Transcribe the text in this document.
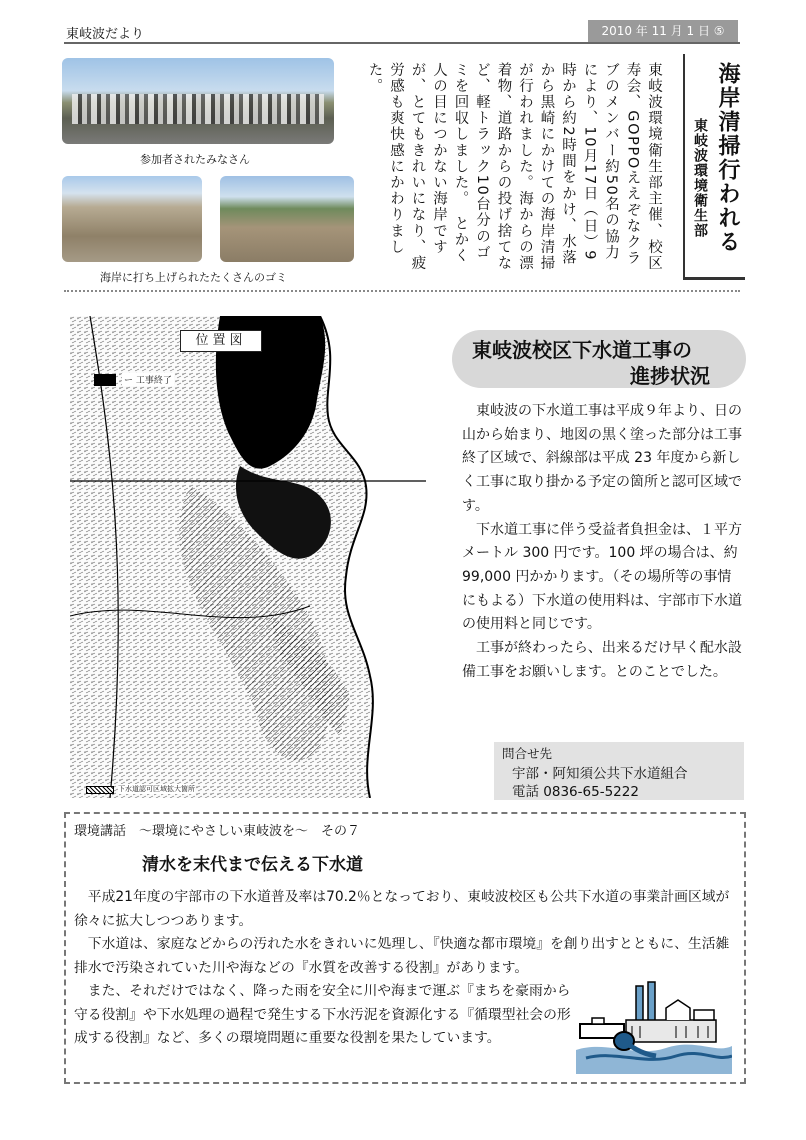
東岐波だより	2010 年 11 月 1 日 ⑤
参加者されたみなさん
海岸に打ち上げられたたくさんのゴミ
東岐波環境衛生部主催、校区寿会、GOPPOええぞなクラブのメンバー約50名の協力により、10月17日（日）9時から約2時間をかけ、水落から黒崎にかけての海岸清掃が行われました。海からの漂着物、道路からの投げ捨てなど、軽トラック10台分のゴミを回収しました。　とかく人の目につかない海岸ですが、とてもきれいになり、疲労感も爽快感にかわりました。	海岸清掃行われる
東岐波環境衛生部
位置図
ー 工事終了
下水道認可区域拡大箇所
東岐波校区下水道工事の
進捗状況

東岐波の下水道工事は平成９年より、日の山から始まり、地図の黒く塗った部分は工事終了区域で、斜線部は平成 23 年度から新しく工事に取り掛かる予定の箇所と認可区域です。

下水道工事に伴う受益者負担金は、１平方メートル 300 円です。100 坪の場合は、約 99,000 円かかります。（その場所等の事情にもよる）下水道の使用料は、宇部市下水道の使用料と同じです。

工事が終わったら、出来るだけ早く配水設備工事をお願いします。とのことでした。

問合せ先
宇部・阿知須公共下水道組合
電話 0836-65-5222
環境講話　～環境にやさしい東岐波を～　その７
清水を末代まで伝える下水道

平成21年度の宇部市の下水道普及率は70.2％となっており、東岐波校区も公共下水道の事業計画区域が徐々に拡大しつつあります。

下水道は、家庭などからの汚れた水をきれいに処理し、『快適な都市環境』を創り出すとともに、生活雑排水で汚染されていた川や海などの『水質を改善する役割』があります。

また、それだけではなく、降った雨を安全に川や海まで運ぶ『まちを豪雨から守る役割』や下水処理の過程で発生する下水汚泥を資源化する『循環型社会の形成する役割』など、多くの環境問題に重要な役割を果たしています。
